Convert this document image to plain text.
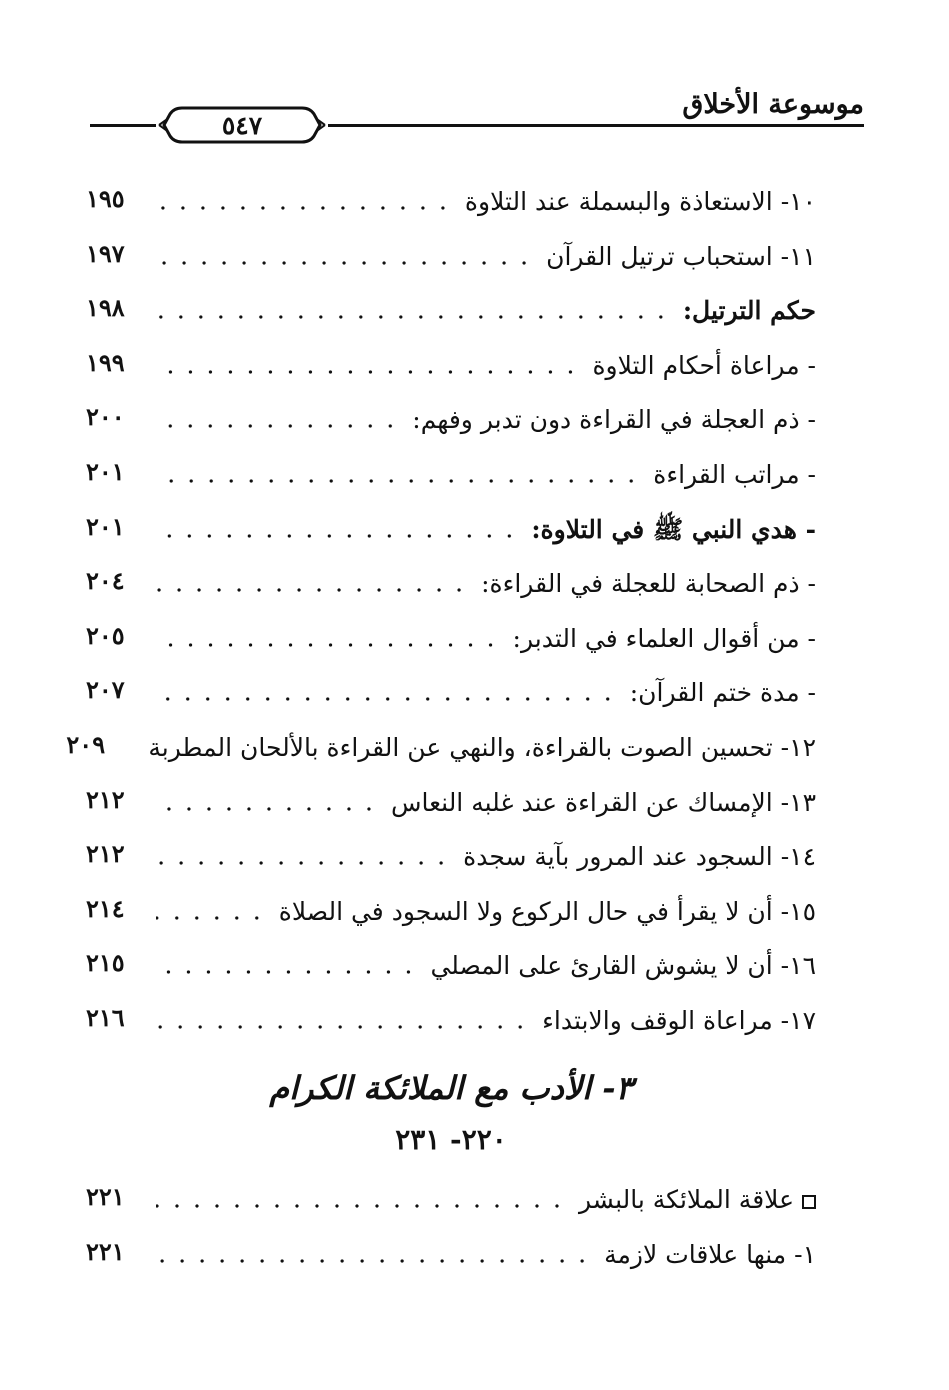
٥٤٧
موسوعة الأخلاق
١٠- الاستعاذة والبسملة عند التلاوة
١٩٥
١١- استحباب ترتيل القرآن
١٩٧
حكم الترتيل:
١٩٨
- مراعاة أحكام التلاوة
١٩٩
- ذم العجلة في القراءة دون تدبر وفهم:
٢٠٠
- مراتب القراءة
٢٠١
- هدي النبي ﷺ في التلاوة:
٢٠١
- ذم الصحابة للعجلة في القراءة:
٢٠٤
- من أقوال العلماء في التدبر:
٢٠٥
- مدة ختم القرآن:
٢٠٧
١٢- تحسين الصوت بالقراءة، والنهي عن القراءة بالألحان المطربة
٢٠٩
١٣- الإمساك عن القراءة عند غلبه النعاس
٢١٢
١٤- السجود عند المرور بآية سجدة
٢١٢
١٥- أن لا يقرأ في حال الركوع ولا السجود في الصلاة
٢١٤
١٦- أن لا يشوش القارئ على المصلي
٢١٥
١٧- مراعاة الوقف والابتداء
٢١٦
٣- الأدب مع الملائكة الكرام
٢٢٠- ٢٣١
علاقة الملائكة بالبشر
٢٢١
١- منها علاقات لازمة
٢٢١
